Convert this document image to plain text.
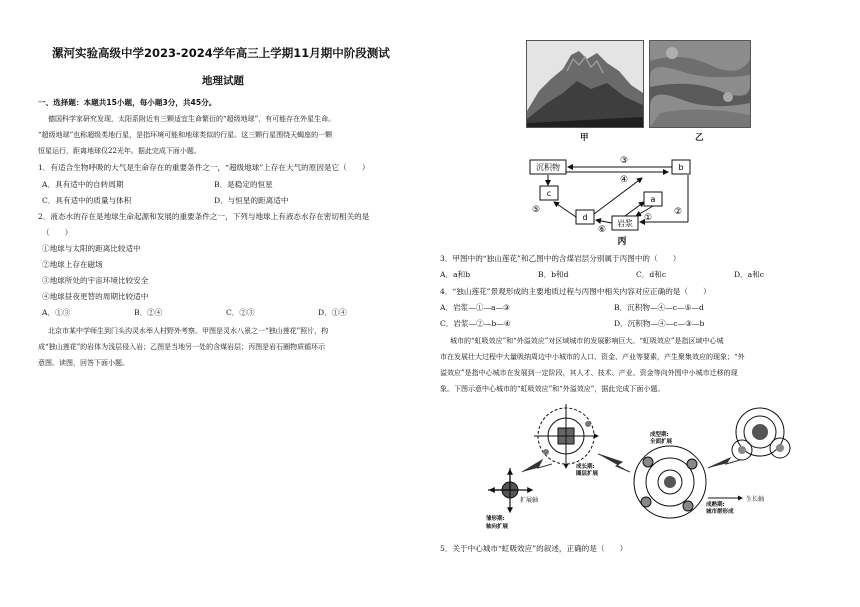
漯河实验高级中学2023-2024学年高三上学期11月期中阶段测试
地理试题
一、选择题：本题共15小题，每小题3分，共45分。
德国科学家研究发现，太阳系附近有三颗适宜生命繁衍的“超级地球”，有可能存在外星生命。
“超级地球”也称超级类地行星，是指环境可能和地球类似的行星。这三颗行星围绕天蝎座的一颗
恒星运行，距离地球仅22光年。据此完成下面小题。
1．有适合生物呼吸的大气是生命存在的重要条件之一，“超级地球”上存在大气的原因是它（　　）
A．具有适中的自转周期	B．是稳定的恒星
C．具有适中的质量与体积	D．与恒星的距离适中
2．液态水的存在是地球生命起源和发展的重要条件之一，下列与地球上有液态水存在密切相关的是
（　　）
①地球与太阳的距离比较适中
②地球上存在磁场
③地球所处的宇宙环境比较安全
④地球昼夜更替的周期比较适中
A．①③	B．②④	C．②③	D．①④
北京市某中学师生到门头沟灵水举人村野外考察。甲图是灵水八景之一“独山莲花”照片，构
成“独山莲花”的岩体为浅层侵入岩；乙图是当地另一处的含煤岩层；丙图是岩石圈物质循环示
意图。读图，回答下面小题。
甲	乙
沉积物	b
c
a
d
岩浆
③
④
⑤
⑥
②
①
丙
3．甲图中的“独山莲花”和乙图中的含煤岩层分别属于丙图中的（　　）
A．a和b	B．b和d	C．d和c	D．a和c
4．“独山莲花”景观形成的主要地质过程与丙图中相关内容对应正确的是（　　）
A．岩浆—①—a—③	B．沉积物—④—c—⑤—d
C．岩浆—②—b—④	D．沉积物—④—c—③—b
城市的“虹吸效应”和“外溢效应”对区域城市的发展影响巨大。“虹吸效应”是指区域中心城
市在发展壮大过程中大量吸纳周边中小城市的人口、资金、产业等要素，产生聚集效应的现象；“外
溢效应”是指中心城市在发展到一定阶段，其人才、技术、产业、资金等向外围中小城市迁移的现
象。下图示意中心城市的“虹吸效应”和“外溢效应”，据此完成下面小题。
扩展轴
雏形期:
轴向扩展
成长期:
圈层扩展
生长轴
成熟期:
城市群形成
成型期:
全面扩展
5．关于中心城市“虹吸效应”的叙述，正确的是（　　）
